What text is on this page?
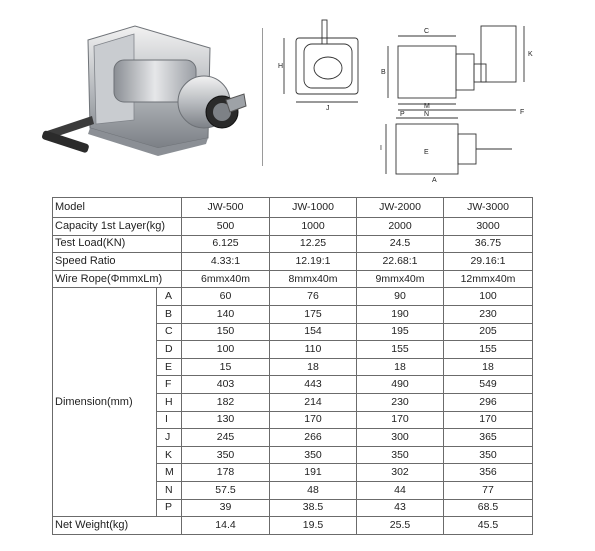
H
J
C
K
B
M
F
P
I
N
E
A
Model		JW-500	JW-1000	JW-2000	JW-3000
Capacity 1st Layer(kg)		500	1000	2000	3000
Test Load(KN)		6.125	12.25	24.5	36.75
Speed Ratio		4.33:1	12.19:1	22.68:1	29.16:1
Wire Rope(ΦmmxLm)		6mmx40m	8mmx40m	9mmx40m	12mmx40m
Dimension(mm)	A	60	76	90	100
	B	140	175	190	230
	C	150	154	195	205
	D	100	110	155	155
	E	15	18	18	18
	F	403	443	490	549
	H	182	214	230	296
	I	130	170	170	170
	J	245	266	300	365
	K	350	350	350	350
	M	178	191	302	356
	N	57.5	48	44	77
	P	39	38.5	43	68.5
Net Weight(kg)		14.4	19.5	25.5	45.5
